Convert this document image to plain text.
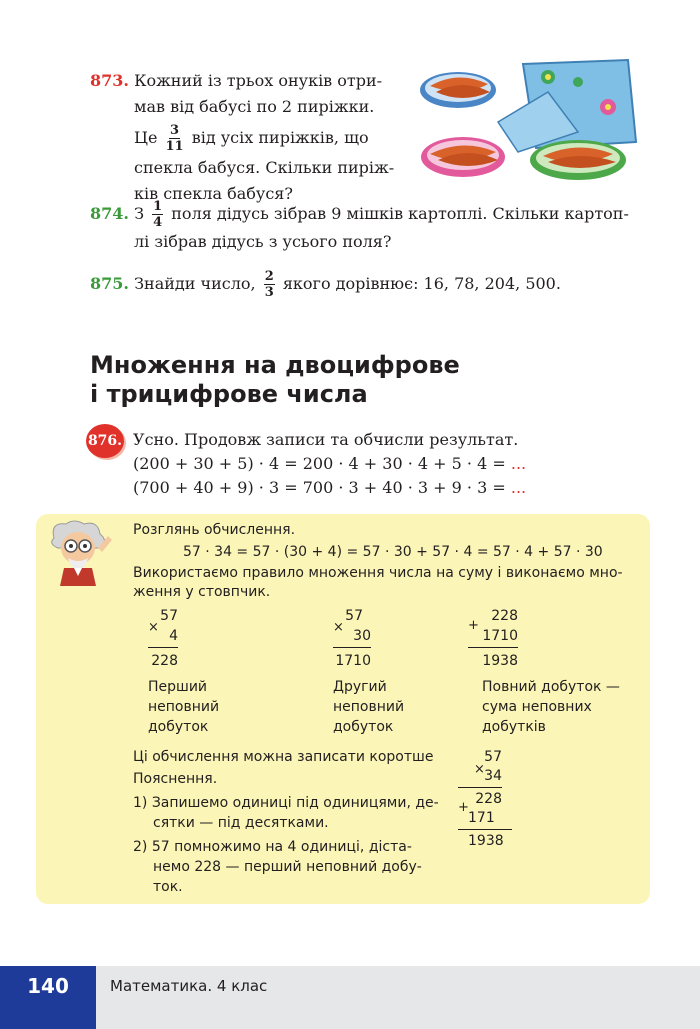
873. Кожний із трьох онуків отри-
мав від бабусі по 2 пиріжки.
Це $\frac{3}{11}$ від усіх пиріжків, що
спекла бабуся. Скільки пиріж-
ків спекла бабуся?
874. З $\frac{1}{4}$ поля дідусь зібрав 9 мішків картоплі. Скільки картоп-
лі зібрав дідусь з усього поля?
875. Знайди число, $\frac{2}{3}$ якого дорівнює: 16, 78, 204, 500.
Множення на двоцифрове
і трицифрове числа
876. Усно. Продовж записи та обчисли результат.
(200 + 30 + 5) · 4 = 200 · 4 + 30 · 4 + 5 · 4 = ...
(700 + 40 + 9) · 3 = 700 · 3 + 40 · 3 + 9 · 3 = ...
Розглянь обчислення.
57 · 34 = 57 · (30 + 4) = 57 · 30 + 57 · 4 = 57 · 4 + 57 · 30
Використаємо правило множення числа на суму і виконаємо мно-
ження у стовпчик.
×
57
4
228
Перший
неповний
добуток
×
57
30
1710
Другий
неповний
добуток
+
228
1710
1938
Повний добуток —
сума неповних
добутків
Ці обчислення можна записати коротше
Пояснення.
1) Запишемо одиниці під одиницями, де-
сятки — під десятками.
2) 57 помножимо на 4 одиниці, діста-
немо 228 — перший неповний добу-
ток.
×
+
57
34
228
171
1938
140	Математика. 4 клас
